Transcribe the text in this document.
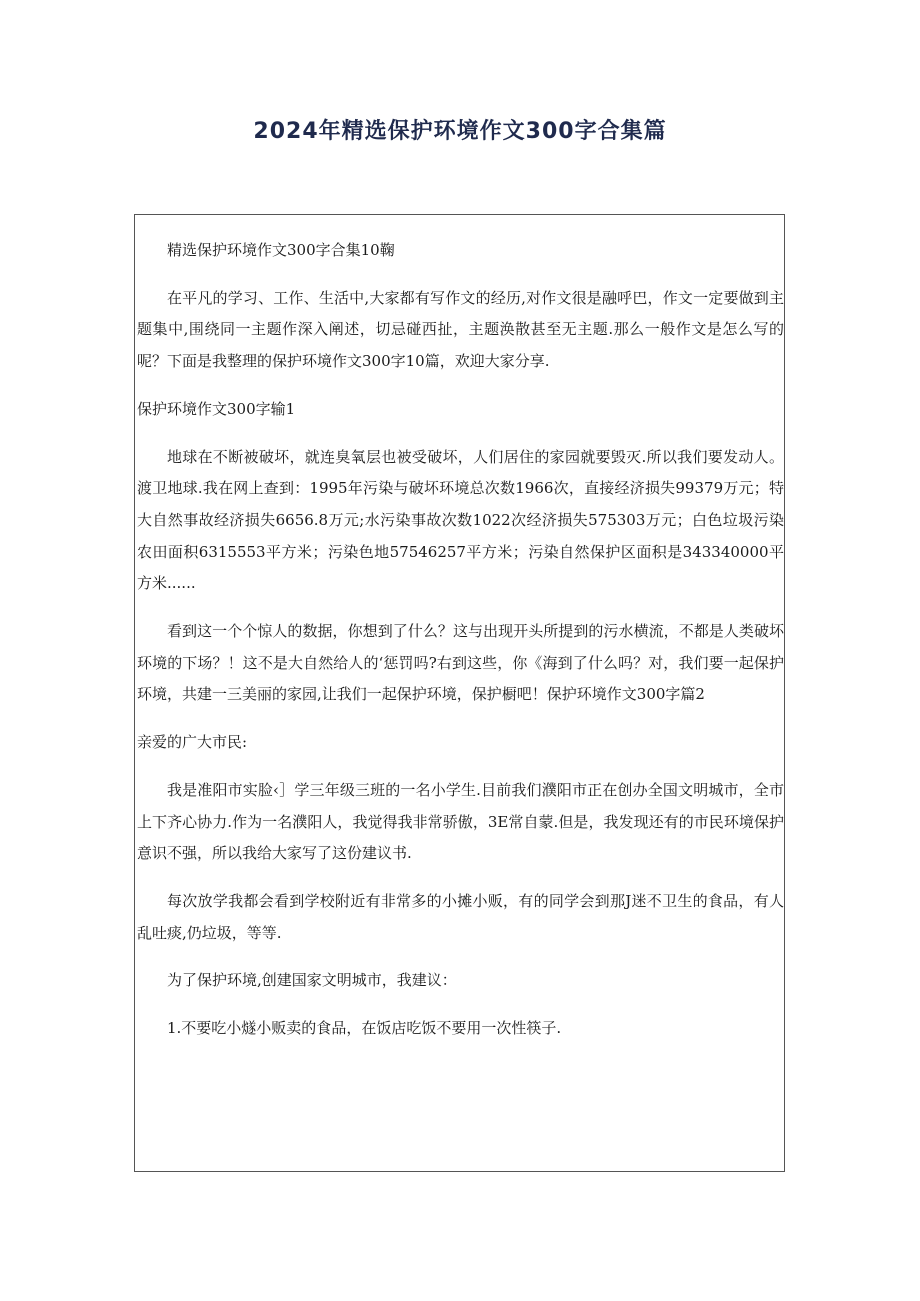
2024年精选保护环境作文300字合集篇

精选保护环境作文300字合集10鞠

在平凡的学习、工作、生活中,大家都有写作文的经历,对作文很是融呼巴，作文一定要做到主题集中,围绕同一主题作深入阐述，切忌碰西扯，主题涣散甚至无主题.那么一般作文是怎么写的呢？下面是我整理的保护环境作文300字10篇，欢迎大家分享.

保护环境作文300字输1

地球在不断被破坏，就连臭氧层也被受破坏，人们居住的家园就要毁灭.所以我们要发动人。渡卫地球.我在网上查到：1995年污染与破坏环境总次数1966次，直接经济损失99379万元；特大自然事故经济损失6656.8万元;水污染事故次数1022次经济损失575303万元；白色垃圾污染农田面积6315553平方米；污染色地57546257平方米；污染自然保护区面积是343340000平方米......

看到这一个个惊人的数据，你想到了什么？这与出现开头所提到的污水横流，不都是人类破坏环境的下场？！这不是大自然给人的‘惩罚吗?右到这些，你《海到了什么吗？对，我们要一起保护环境，共建一三美丽的家园,让我们一起保护环境，保护橱吧！保护环境作文300字篇2

亲爱的广大市民:

我是准阳市实脸‹］学三年级三班的一名小学生.目前我们濮阳市正在创办全国文明城市，全市上下齐心协力.作为一名濮阳人，我觉得我非常骄傲，3E常自蒙.但是，我发现还有的市民环境保护意识不强，所以我给大家写了这份建议书.

每次放学我都会看到学校附近有非常多的小摊小贩，有的同学会到那J迷不卫生的食品，有人乱吐痰,仍垃圾，等等.

为了保护环境,创建国家文明城市，我建议：

1.不要吃小燧小贩卖的食品，在饭店吃饭不要用一次性筷子.
